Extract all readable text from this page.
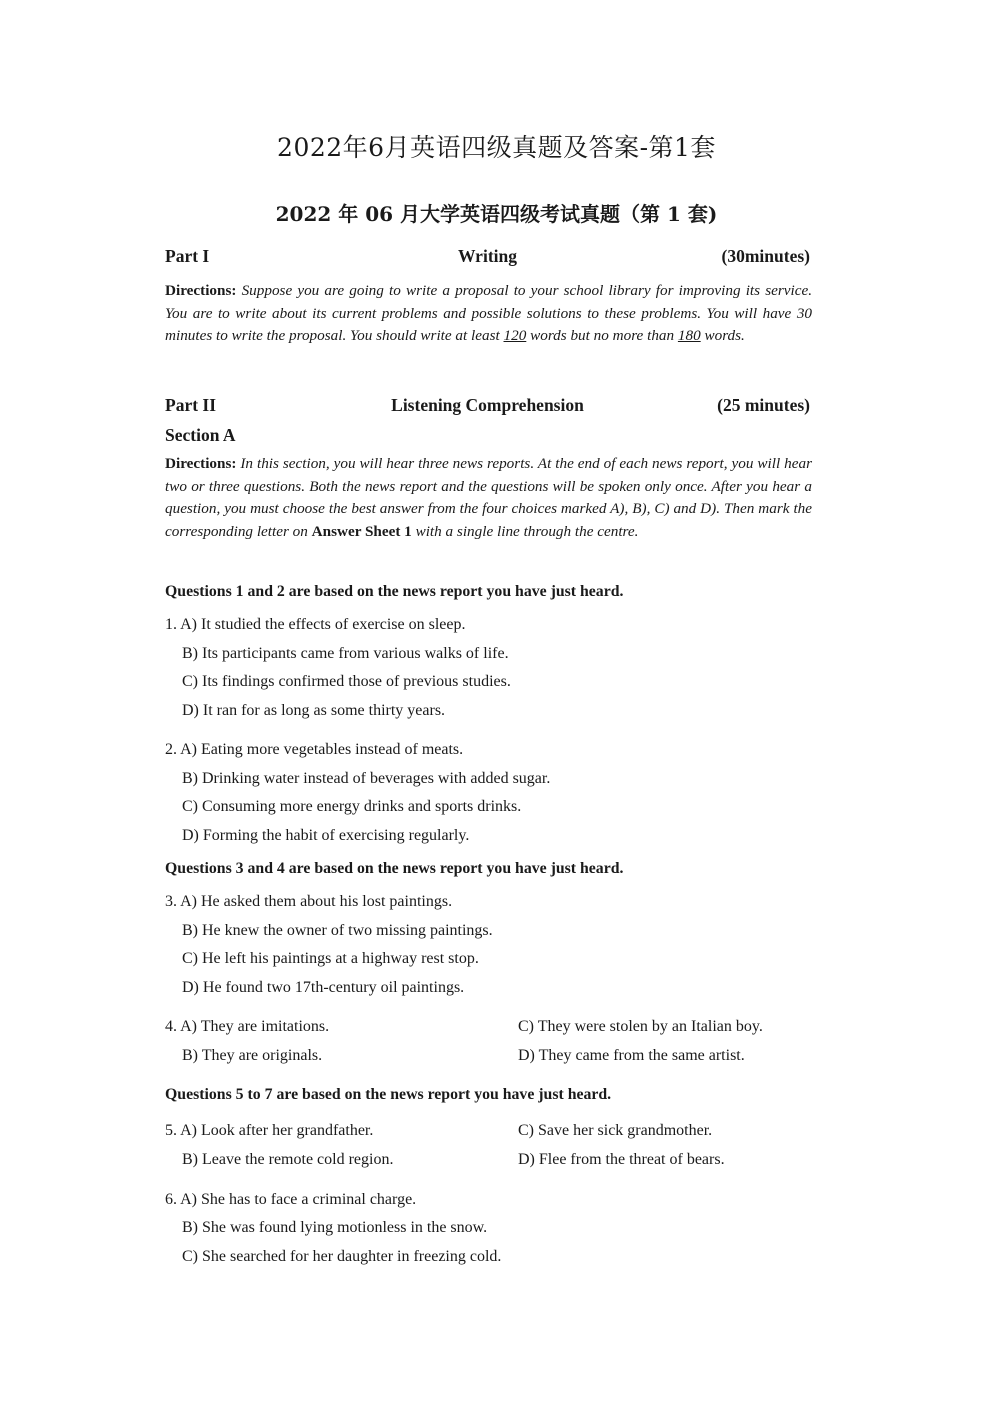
2022年6月英语四级真题及答案-第1套
2022 年 06 月大学英语四级考试真题（第 1 套)
Part I	Writing	(30minutes)
Directions: Suppose you are going to write a proposal to your school library for improving its service. You are to write about its current problems and possible solutions to these problems. You will have 30 minutes to write the proposal. You should write at least 120 words but no more than 180 words.
Part II	Listening Comprehension	(25 minutes)
Section A
Directions: In this section, you will hear three news reports. At the end of each news report, you will hear two or three questions. Both the news report and the questions will be spoken only once. After you hear a question, you must choose the best answer from the four choices marked A), B), C) and D). Then mark the corresponding letter on Answer Sheet 1 with a single line through the centre.
Questions 1 and 2 are based on the news report you have just heard.
1. A) It studied the effects of exercise on sleep.
B) Its participants came from various walks of life.
C) Its findings confirmed those of previous studies.
D) It ran for as long as some thirty years.
2. A) Eating more vegetables instead of meats.
B) Drinking water instead of beverages with added sugar.
C) Consuming more energy drinks and sports drinks.
D) Forming the habit of exercising regularly.
Questions 3 and 4 are based on the news report you have just heard.
3. A) He asked them about his lost paintings.
B) He knew the owner of two missing paintings.
C) He left his paintings at a highway rest stop.
D) He found two 17th-century oil paintings.
4. A) They are imitations.
B) They are originals.
C) They were stolen by an Italian boy.
D) They came from the same artist.
Questions 5 to 7 are based on the news report you have just heard.
5. A) Look after her grandfather.
B) Leave the remote cold region.
C) Save her sick grandmother.
D) Flee from the threat of bears.
6. A) She has to face a criminal charge.
B) She was found lying motionless in the snow.
C) She searched for her daughter in freezing cold.
